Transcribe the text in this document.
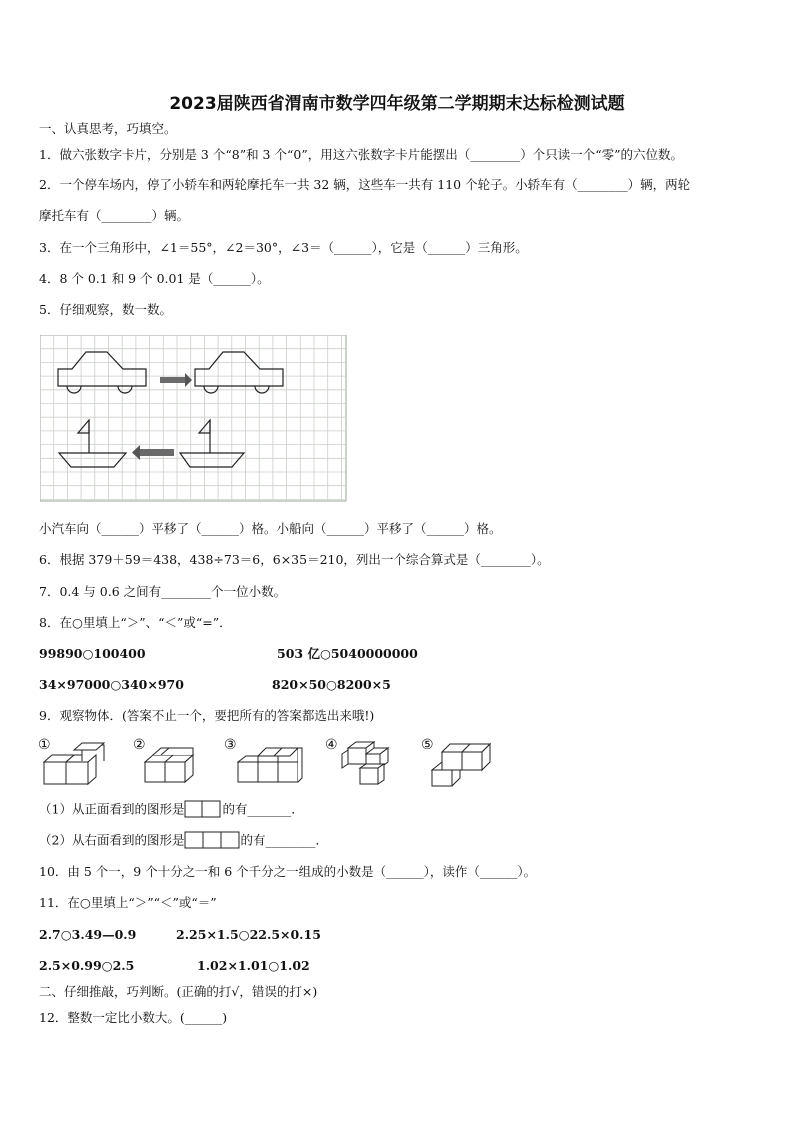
2023届陕西省渭南市数学四年级第二学期期末达标检测试题
一、认真思考，巧填空。
1．做六张数字卡片，分别是 3 个“8”和 3 个“0”，用这六张数字卡片能摆出（________）个只读一个“零”的六位数。
2．一个停车场内，停了小轿车和两轮摩托车一共 32 辆，这些车一共有 110 个轮子。小轿车有（________）辆，两轮
摩托车有（________）辆。
3．在一个三角形中，∠1＝55°，∠2＝30°，∠3＝（______），它是（______）三角形。
4．8 个 0.1 和 9 个 0.01 是（______）。
5．仔细观察，数一数。
小汽车向（______）平移了（______）格。小船向（______）平移了（______）格。
6．根据 379＋59＝438，438÷73＝6，6×35＝210，列出一个综合算式是（________）。
7．0.4 与 0.6 之间有________个一位小数。
8．在○里填上“＞”、“＜”或“=”．
99890○100400	503 亿○5040000000
34×97000○340×970	820×50○8200×5
9．观察物体．(答案不止一个，要把所有的答案都选出来哦!)
①	②	③	④	⑤
（1）从正面看到的图形是	的有_______．
（2）从右面看到的图形是	的有________．
10．由 5 个一，9 个十分之一和 6 个千分之一组成的小数是（______），读作（______）。
11．在○里填上“＞”“＜”或“＝”
2.7○3.49—0.9	2.25×1.5○22.5×0.15
2.5×0.99○2.5	1.02×1.01○1.02
二、仔细推敲，巧判断。(正确的打√，错误的打×)
12．整数一定比小数大。(______)
